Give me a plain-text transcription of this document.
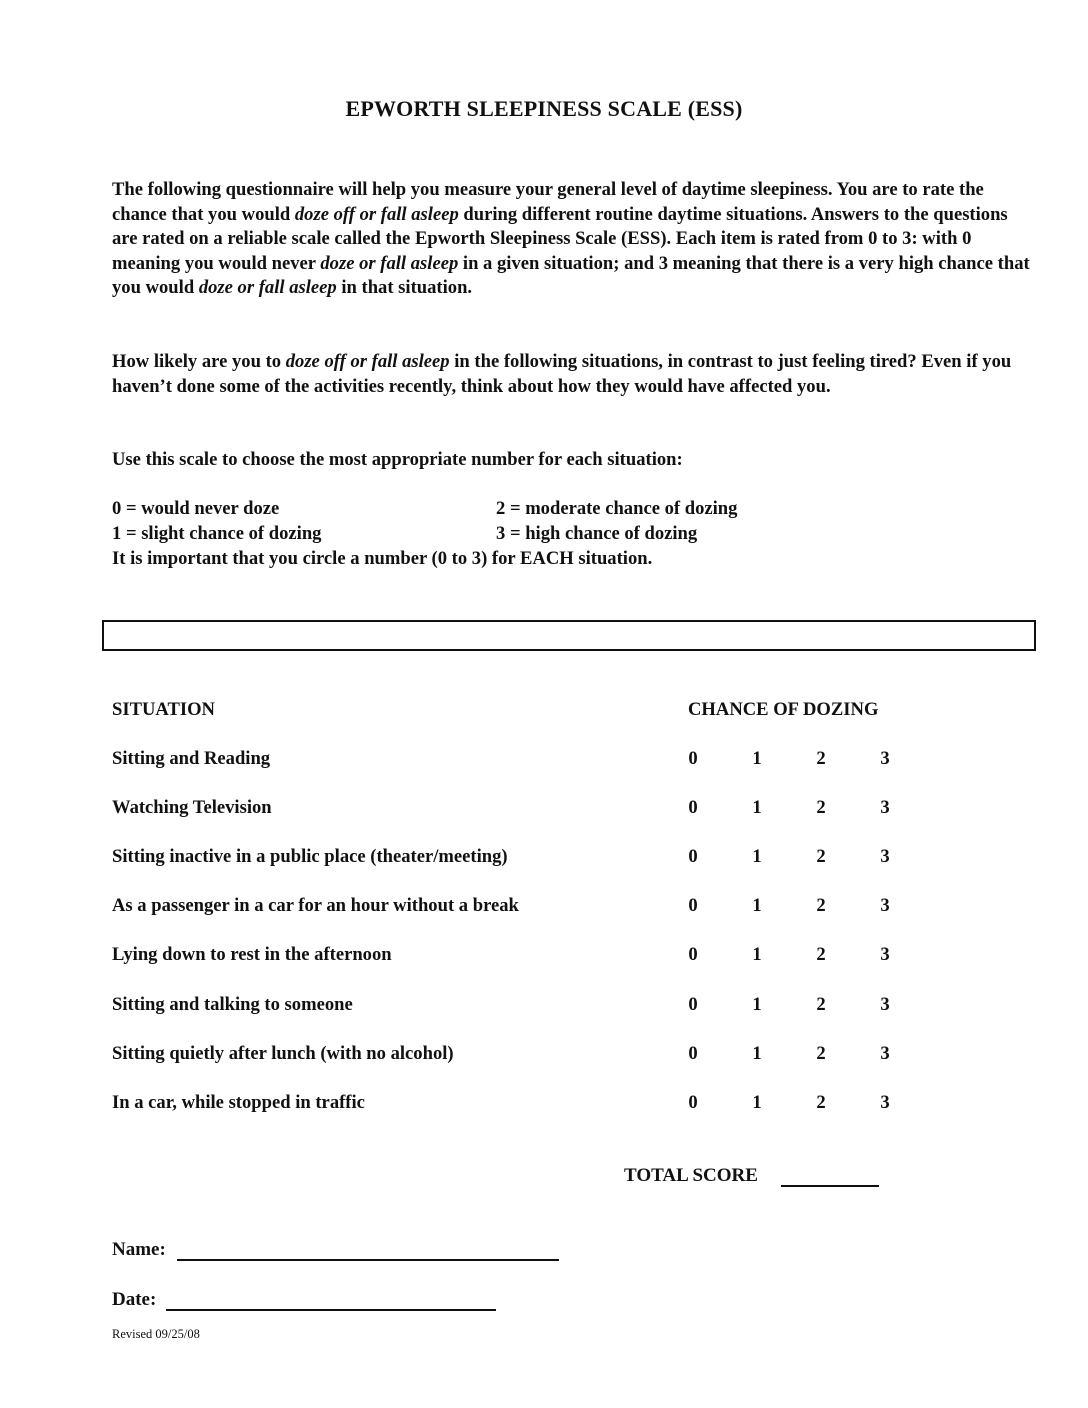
EPWORTH SLEEPINESS SCALE (ESS)
The following questionnaire will help you measure your general level of daytime sleepiness. You are to rate the chance that you would doze off or fall asleep during different routine daytime situations. Answers to the questions are rated on a reliable scale called the Epworth Sleepiness Scale (ESS). Each item is rated from 0 to 3: with 0 meaning you would never doze or fall asleep in a given situation; and 3 meaning that there is a very high chance that you would doze or fall asleep in that situation.
How likely are you to doze off or fall asleep in the following situations, in contrast to just feeling tired? Even if you haven’t done some of the activities recently, think about how they would have affected you.
Use this scale to choose the most appropriate number for each situation:
0 = would never doze	2 = moderate chance of dozing
1 = slight chance of dozing	3 = high chance of dozing
It is important that you circle a number (0 to 3) for EACH situation.
SITUATION	CHANCE OF DOZING
Sitting and Reading	0	1	2	3
Watching Television	0	1	2	3
Sitting inactive in a public place (theater/meeting)	0	1	2	3
As a passenger in a car for an hour without a break	0	1	2	3
Lying down to rest in the afternoon	0	1	2	3
Sitting and talking to someone	0	1	2	3
Sitting quietly after lunch (with no alcohol)	0	1	2	3
In a car, while stopped in traffic	0	1	2	3
TOTAL SCORE
Name:
Date:
Revised 09/25/08
